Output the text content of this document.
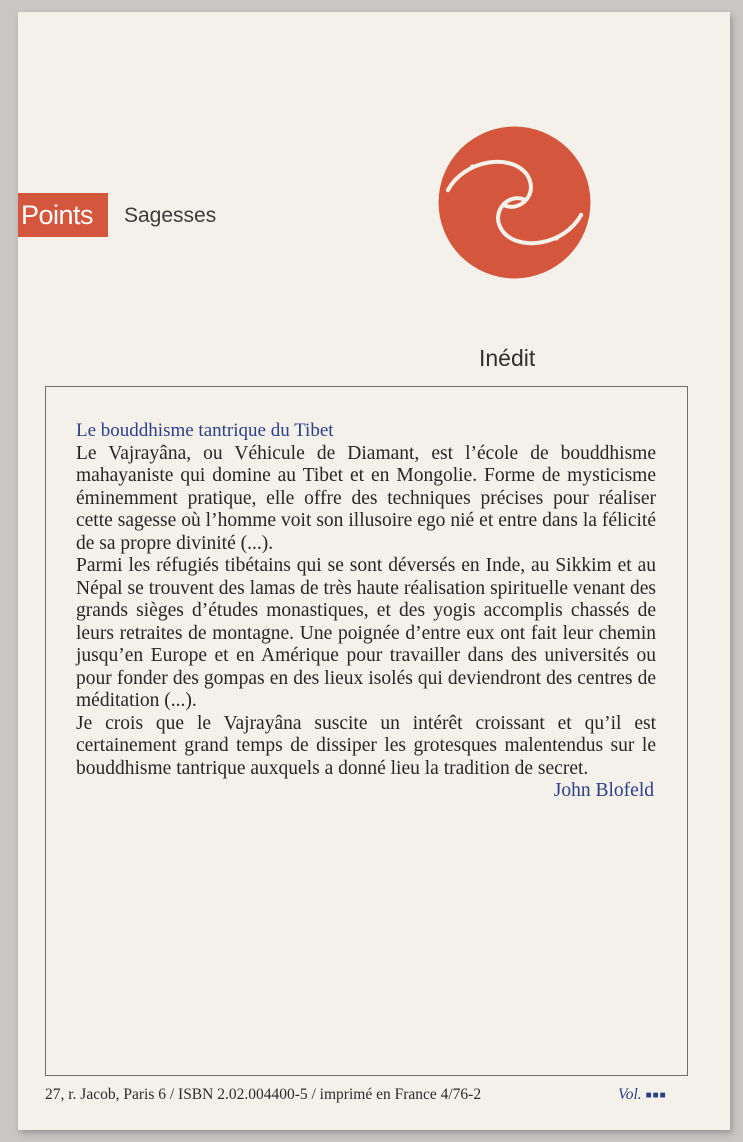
Points	Sagesses
Inédit

Le bouddhisme tantrique du Tibet

Le Vajrayâna, ou Véhicule de Diamant, est l’école de bouddhisme mahayaniste qui domine au Tibet et en Mongolie. Forme de mysticisme éminemment pratique, elle offre des techniques précises pour réaliser cette sagesse où l’homme voit son illusoire ego nié et entre dans la félicité de sa propre divinité (...).

Parmi les réfugiés tibétains qui se sont déversés en Inde, au Sikkim et au Népal se trouvent des lamas de très haute réalisation spirituelle venant des grands sièges d’études monastiques, et des yogis accomplis chassés de leurs retraites de montagne. Une poignée d’entre eux ont fait leur chemin jusqu’en Europe et en Amérique pour travailler dans des universités ou pour fonder des gompas en des lieux isolés qui deviendront des centres de méditation (...).

Je crois que le Vajrayâna suscite un intérêt croissant et qu’il est certainement grand temps de dissiper les grotesques malentendus sur le bouddhisme tantrique auxquels a donné lieu la tradition de secret.

John Blofeld

27, r. Jacob, Paris 6 / ISBN 2.02.004400-5 / imprimé en France 4/76-2	Vol. ■■■
